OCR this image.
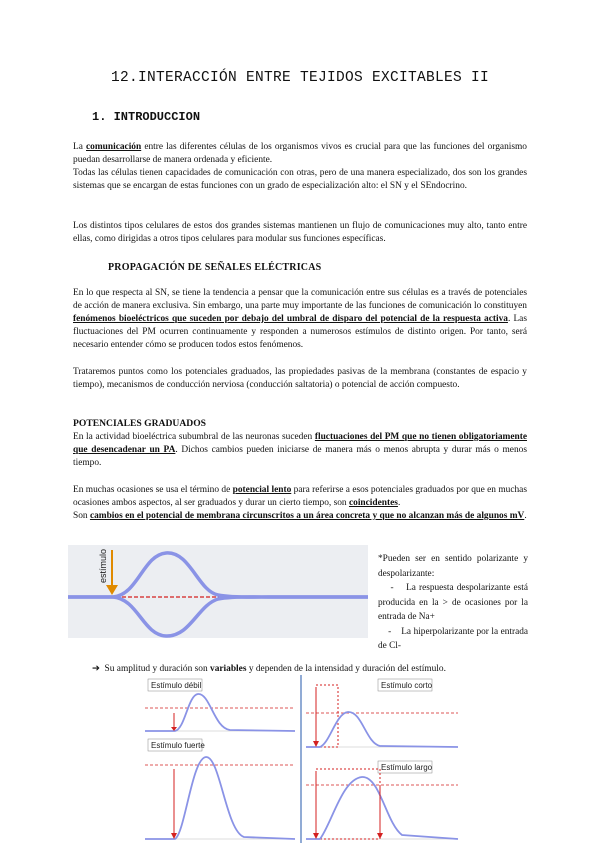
12.INTERACCIÓN ENTRE TEJIDOS EXCITABLES II
1. INTRODUCCION

La comunicación entre las diferentes células de los organismos vivos es crucial para que las funciones del organismo puedan desarrollarse de manera ordenada y eficiente.
Todas las células tienen capacidades de comunicación con otras, pero de una manera especializado, dos son los grandes sistemas que se encargan de estas funciones con un grado de especialización alto: el SN y el SEndocrino.

Los distintos tipos celulares de estos dos grandes sistemas mantienen un flujo de comunicaciones muy alto, tanto entre ellas, como dirigidas a otros tipos celulares para modular sus funciones específicas.

PROPAGACIÓN DE SEÑALES ELÉCTRICAS

En lo que respecta al SN, se tiene la tendencia a pensar que la comunicación entre sus células es a través de potenciales de acción de manera exclusiva. Sin embargo, una parte muy importante de las funciones de comunicación lo constituyen fenómenos bioeléctricos que suceden por debajo del umbral de disparo del potencial de la respuesta activa. Las fluctuaciones del PM ocurren continuamente y responden a numerosos estímulos de distinto origen. Por tanto, será necesario entender cómo se producen todos estos fenómenos.

Trataremos puntos como los potenciales graduados, las propiedades pasivas de la membrana (constantes de espacio y tiempo), mecanismos de conducción nerviosa (conducción saltatoria) o potencial de acción compuesto.

POTENCIALES GRADUADOS

En la actividad bioeléctrica subumbral de las neuronas suceden fluctuaciones del PM que no tienen obligatoriamente que desencadenar un PA. Dichos cambios pueden iniciarse de manera más o menos abrupta y durar más o menos tiempo.

En muchas ocasiones se usa el término de potencial lento para referirse a esos potenciales graduados por que en muchas ocasiones ambos aspectos, al ser graduados y durar un cierto tiempo, son coincidentes.
Son cambios en el potencial de membrana circunscritos a un área concreta y que no alcanzan más de algunos mV.

estímulo	*Pueden ser en sentido polarizante y despolarizante:
-    La respuesta despolarizante está producida en la > de ocasiones por la entrada de Na+
-    La hiperpolarizante por la entrada de Cl-

➔  Su amplitud y duración son variables y dependen de la intensidad y duración del estímulo.

Estímulo débil
Estímulo fuerte
Estímulo corto
Estímulo largo
